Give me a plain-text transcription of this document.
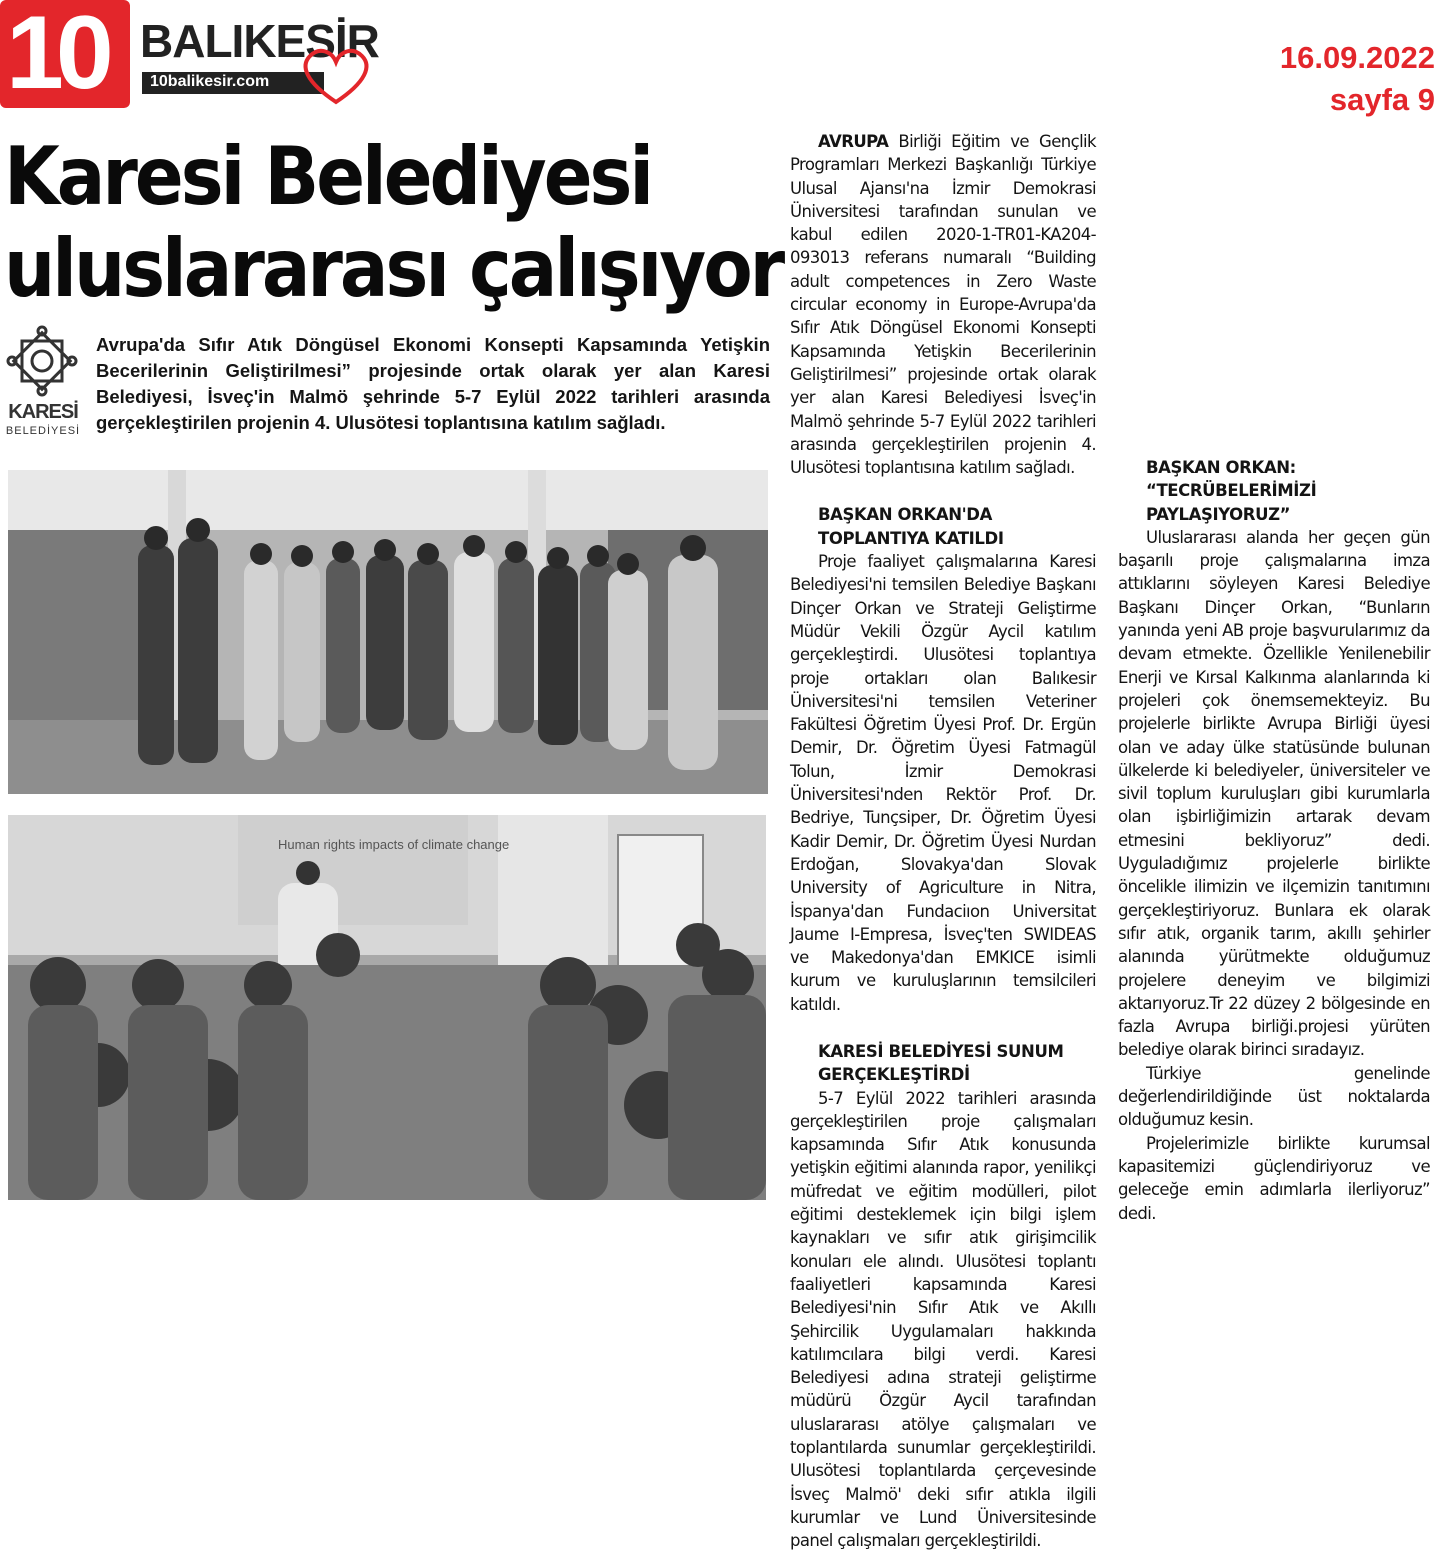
10 BALIKESİR
10balikesir.com
16.09.2022
sayfa 9
Karesi Belediyesi
uluslararası çalışıyor
KARESİ
BELEDİYESİ
Avrupa'da Sıfır Atık Döngüsel Ekonomi Konsepti Kapsamında Yetişkin Becerilerinin Geliştirilmesi” projesinde ortak olarak yer alan Karesi Belediyesi, İsveç'in Malmö şehrinde 5-7 Eylül 2022 tarihleri arasında gerçekleştirilen projenin 4. Ulusötesi toplantısına katılım sağladı.
Human rights impacts of climate change

AVRUPA Birliği Eğitim ve Gençlik Programları Merkezi Başkanlığı Türkiye Ulusal Ajansı'na İzmir Demokrasi Üniversitesi tarafından sunulan ve kabul edilen 2020-1-TR01-KA204-093013 referans numaralı “Building adult competences in Zero Waste circular economy in Europe-Avrupa'da Sıfır Atık Döngüsel Ekonomi Konsepti Kapsamında Yetişkin Becerilerinin Geliştirilmesi” projesinde ortak olarak yer alan Karesi Belediyesi İsveç'in Malmö şehrinde 5-7 Eylül 2022 tarihleri arasında gerçekleştirilen projenin 4. Ulusötesi toplantısına katılım sağladı.

BAŞKAN ORKAN'DA TOPLANTIYA KATILDI

Proje faaliyet çalışmalarına Karesi Belediyesi'ni temsilen Belediye Başkanı Dinçer Orkan ve Strateji Geliştirme Müdür Vekili Özgür Aycil katılım gerçekleştirdi. Ulusötesi toplantıya proje ortakları olan Balıkesir Üniversitesi'ni temsilen Veteriner Fakültesi Öğretim Üyesi Prof. Dr. Ergün Demir, Dr. Öğretim Üyesi Fatmagül Tolun, İzmir Demokrasi Üniversitesi'nden Rektör Prof. Dr. Bedriye, Tunçsiper, Dr. Öğretim Üyesi Kadir Demir, Dr. Öğretim Üyesi Nurdan Erdoğan, Slovakya'dan Slovak University of Agriculture in Nitra, İspanya'dan Fundaciıon Universitat Jaume I-Empresa, İsveç'ten SWIDEAS ve Makedonya'dan EMKICE isimli kurum ve kuruluşlarının temsilcileri katıldı.

KARESİ BELEDİYESİ SUNUM GERÇEKLEŞTİRDİ

5-7 Eylül 2022 tarihleri arasında gerçekleştirilen proje çalışmaları kapsamında Sıfır Atık konusunda yetişkin eğitimi alanında rapor, yenilikçi müfredat ve eğitim modülleri, pilot eğitimi desteklemek için bilgi işlem kaynakları ve sıfır atık girişimcilik konuları ele alındı. Ulusötesi toplantı faaliyetleri kapsamında Karesi Belediyesi'nin Sıfır Atık ve Akıllı Şehircilik Uygulamaları hakkında katılımcılara bilgi verdi. Karesi Belediyesi adına strateji geliştirme müdürü Özgür Aycil tarafından uluslararası atölye çalışmaları ve toplantılarda sunumlar gerçekleştirildi. Ulusötesi toplantılarda çerçevesinde İsveç Malmö' deki sıfır atıkla ilgili kurumlar ve Lund Üniversitesinde panel çalışmaları gerçekleştirildi.

BAŞKAN ORKAN: “TECRÜBELERİMİZİ PAYLAŞIYORUZ”

Uluslararası alanda her geçen gün başarılı proje çalışmalarına imza attıklarını söyleyen Karesi Belediye Başkanı Dinçer Orkan, “Bunların yanında yeni AB proje başvurularımız da devam etmekte. Özellikle Yenilenebilir Enerji ve Kırsal Kalkınma alanlarında ki projeleri çok önemsemekteyiz. Bu projelerle birlikte Avrupa Birliği üyesi olan ve aday ülke statüsünde bulunan ülkelerde ki belediyeler, üniversiteler ve sivil toplum kuruluşları gibi kurumlarla olan işbirliğimizin artarak devam etmesini bekliyoruz” dedi. Uyguladığımız projelerle birlikte öncelikle ilimizin ve ilçemizin tanıtımını gerçekleştiriyoruz. Bunlara ek olarak sıfır atık, organik tarım, akıllı şehirler alanında yürütmekte olduğumuz projelere deneyim ve bilgimizi aktarıyoruz.Tr 22 düzey 2 bölgesinde en fazla Avrupa birliği.projesi yürüten belediye olarak birinci sıradayız.

Türkiye genelinde değerlendirildiğinde üst noktalarda olduğumuz kesin.

Projelerimizle birlikte kurumsal kapasitemizi güçlendiriyoruz ve geleceğe emin adımlarla ilerliyoruz” dedi.
